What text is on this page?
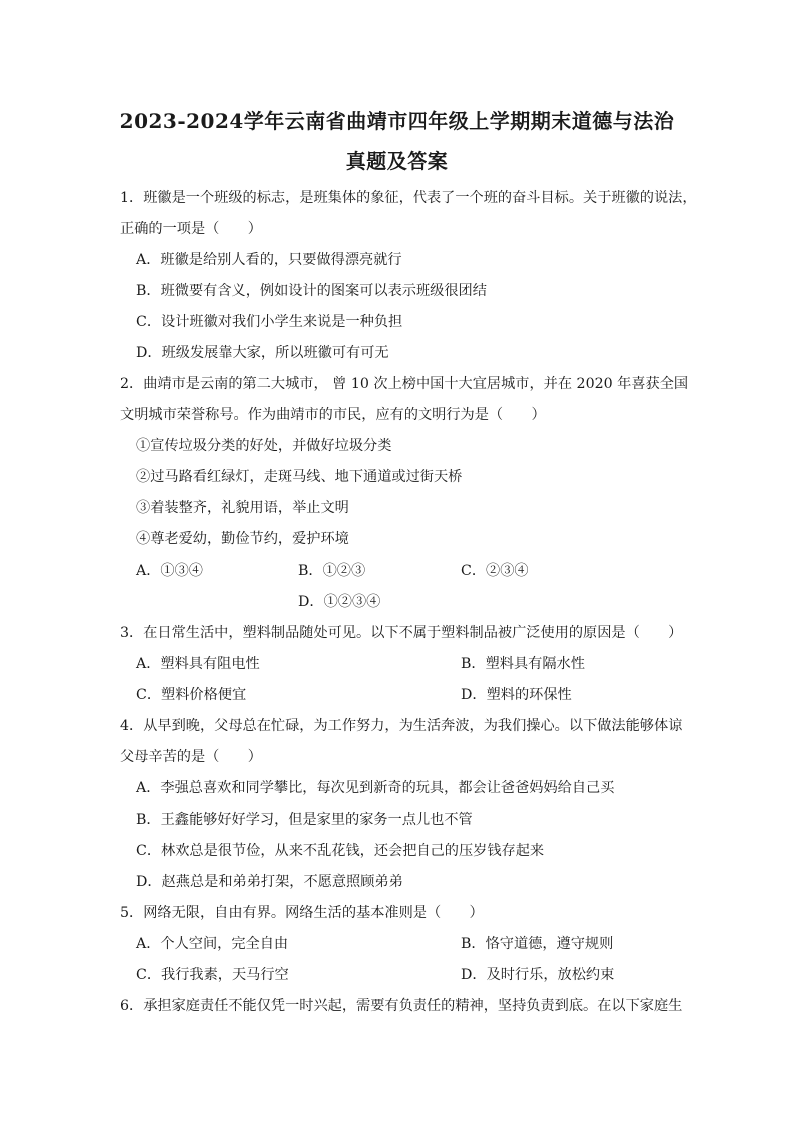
2023-2024学年云南省曲靖市四年级上学期期末道德与法治
真题及答案
1．班徽是一个班级的标志，是班集体的象征，代表了一个班的奋斗目标。关于班徽的说法，
正确的一项是（　　）
A．班徽是给别人看的，只要做得漂亮就行
B．班微要有含义，例如设计的图案可以表示班级很团结
C．设计班徽对我们小学生来说是一种负担
D．班级发展靠大家，所以班徽可有可无
2．曲靖市是云南的第二大城市， 曾 10 次上榜中国十大宜居城市，并在 2020 年喜获全国
文明城市荣誉称号。作为曲靖市的市民，应有的文明行为是（　　）
①宣传垃圾分类的好处，并做好垃圾分类
②过马路看红绿灯，走斑马线、地下通道或过街天桥
③着装整齐，礼貌用语，举止文明
④尊老爱幼，勤俭节约，爱护环境
A．①③④	B．①②③	C．②③④
D．①②③④
3．在日常生活中，塑料制品随处可见。以下不属于塑料制品被广泛使用的原因是（　　）
A．塑料具有阻电性	B．塑料具有隔水性
C．塑料价格便宜	D．塑料的环保性
4．从早到晚，父母总在忙碌，为工作努力，为生活奔波，为我们操心。以下做法能够体谅
父母辛苦的是（　　）
A．李强总喜欢和同学攀比，每次见到新奇的玩具，都会让爸爸妈妈给自己买
B．王鑫能够好好学习，但是家里的家务一点儿也不管
C．林欢总是很节俭，从来不乱花钱，还会把自己的压岁钱存起来
D．赵燕总是和弟弟打架，不愿意照顾弟弟
5．网络无限，自由有界。网络生活的基本准则是（　　）
A．个人空间，完全自由	B．恪守道德，遵守规则
C．我行我素，天马行空	D．及时行乐，放松约束
6．承担家庭责任不能仅凭一时兴起，需要有负责任的精神，坚持负责到底。在以下家庭生
